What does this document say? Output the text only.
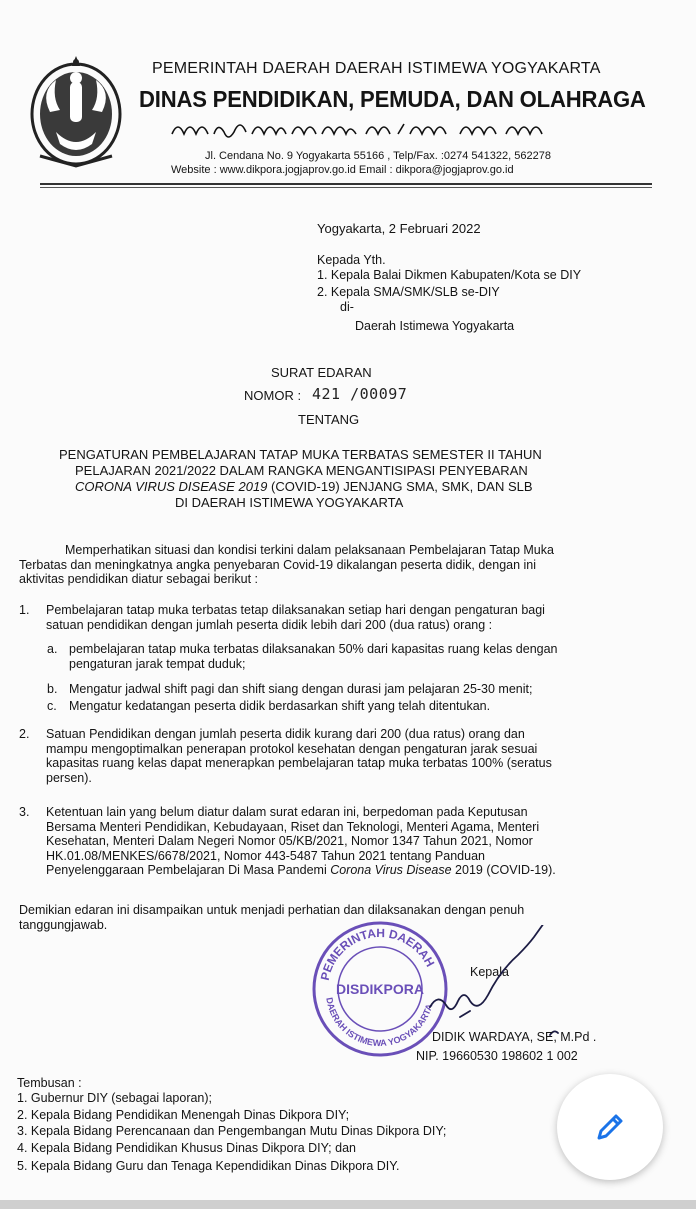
PEMERINTAH DAERAH DAERAH ISTIMEWA YOGYAKARTA
DINAS PENDIDIKAN, PEMUDA, DAN OLAHRAGA
Jl. Cendana No. 9 Yogyakarta 55166 , Telp/Fax. :0274 541322, 562278
Website : www.dikpora.jogjaprov.go.id Email : dikpora@jogjaprov.go.id
Yogyakarta, 2 Februari 2022
Kepada Yth.
1. Kepala Balai Dikmen Kabupaten/Kota se DIY
2. Kepala SMA/SMK/SLB se-DIY
di-
Daerah Istimewa Yogyakarta
SURAT EDARAN
NOMOR : 421 /00097
TENTANG
PENGATURAN PEMBELAJARAN TATAP MUKA TERBATAS SEMESTER II TAHUN
PELAJARAN 2021/2022 DALAM RANGKA MENGANTISIPASI PENYEBARAN
CORONA VIRUS DISEASE 2019 (COVID-19) JENJANG SMA, SMK, DAN SLB
DI DAERAH ISTIMEWA YOGYAKARTA
Memperhatikan situasi dan kondisi terkini dalam pelaksanaan Pembelajaran Tatap Muka
Terbatas dan meningkatnya angka penyebaran Covid-19 dikalangan peserta didik, dengan ini
aktivitas pendidikan diatur sebagai berikut :
1. Pembelajaran tatap muka terbatas tetap dilaksanakan setiap hari dengan pengaturan bagi
satuan pendidikan dengan jumlah peserta didik lebih dari 200 (dua ratus) orang :
a. pembelajaran tatap muka terbatas dilaksanakan 50% dari kapasitas ruang kelas dengan
pengaturan jarak tempat duduk;
b. Mengatur jadwal shift pagi dan shift siang dengan durasi jam pelajaran 25-30 menit;
c. Mengatur kedatangan peserta didik berdasarkan shift yang telah ditentukan.
2. Satuan Pendidikan dengan jumlah peserta didik kurang dari 200 (dua ratus) orang dan
mampu mengoptimalkan penerapan protokol kesehatan dengan pengaturan jarak sesuai
kapasitas ruang kelas dapat menerapkan pembelajaran tatap muka terbatas 100% (seratus
persen).
3. Ketentuan lain yang belum diatur dalam surat edaran ini, berpedoman pada Keputusan
Bersama Menteri Pendidikan, Kebudayaan, Riset dan Teknologi, Menteri Agama, Menteri
Kesehatan, Menteri Dalam Negeri Nomor 05/KB/2021, Nomor 1347 Tahun 2021, Nomor
HK.01.08/MENKES/6678/2021, Nomor 443-5487 Tahun 2021 tentang Panduan
Penyelenggaraan Pembelajaran Di Masa Pandemi Corona Virus Disease 2019 (COVID-19).
Demikian edaran ini disampaikan untuk menjadi perhatian dan dilaksanakan dengan penuh
tanggungjawab.
Kepala
PEMERINTAH DAERAH
DISDIKPORA
DAERAH ISTIMEWA YOGYAKARTA
DIDIK WARDAYA, SE, M.Pd .
NIP. 19660530 198602 1 002
Tembusan :
1. Gubernur DIY (sebagai laporan);
2. Kepala Bidang Pendidikan Menengah Dinas Dikpora DIY;
3. Kepala Bidang Perencanaan dan Pengembangan Mutu Dinas Dikpora DIY;
4. Kepala Bidang Pendidikan Khusus Dinas Dikpora DIY; dan
5. Kepala Bidang Guru dan Tenaga Kependidikan Dinas Dikpora DIY.
